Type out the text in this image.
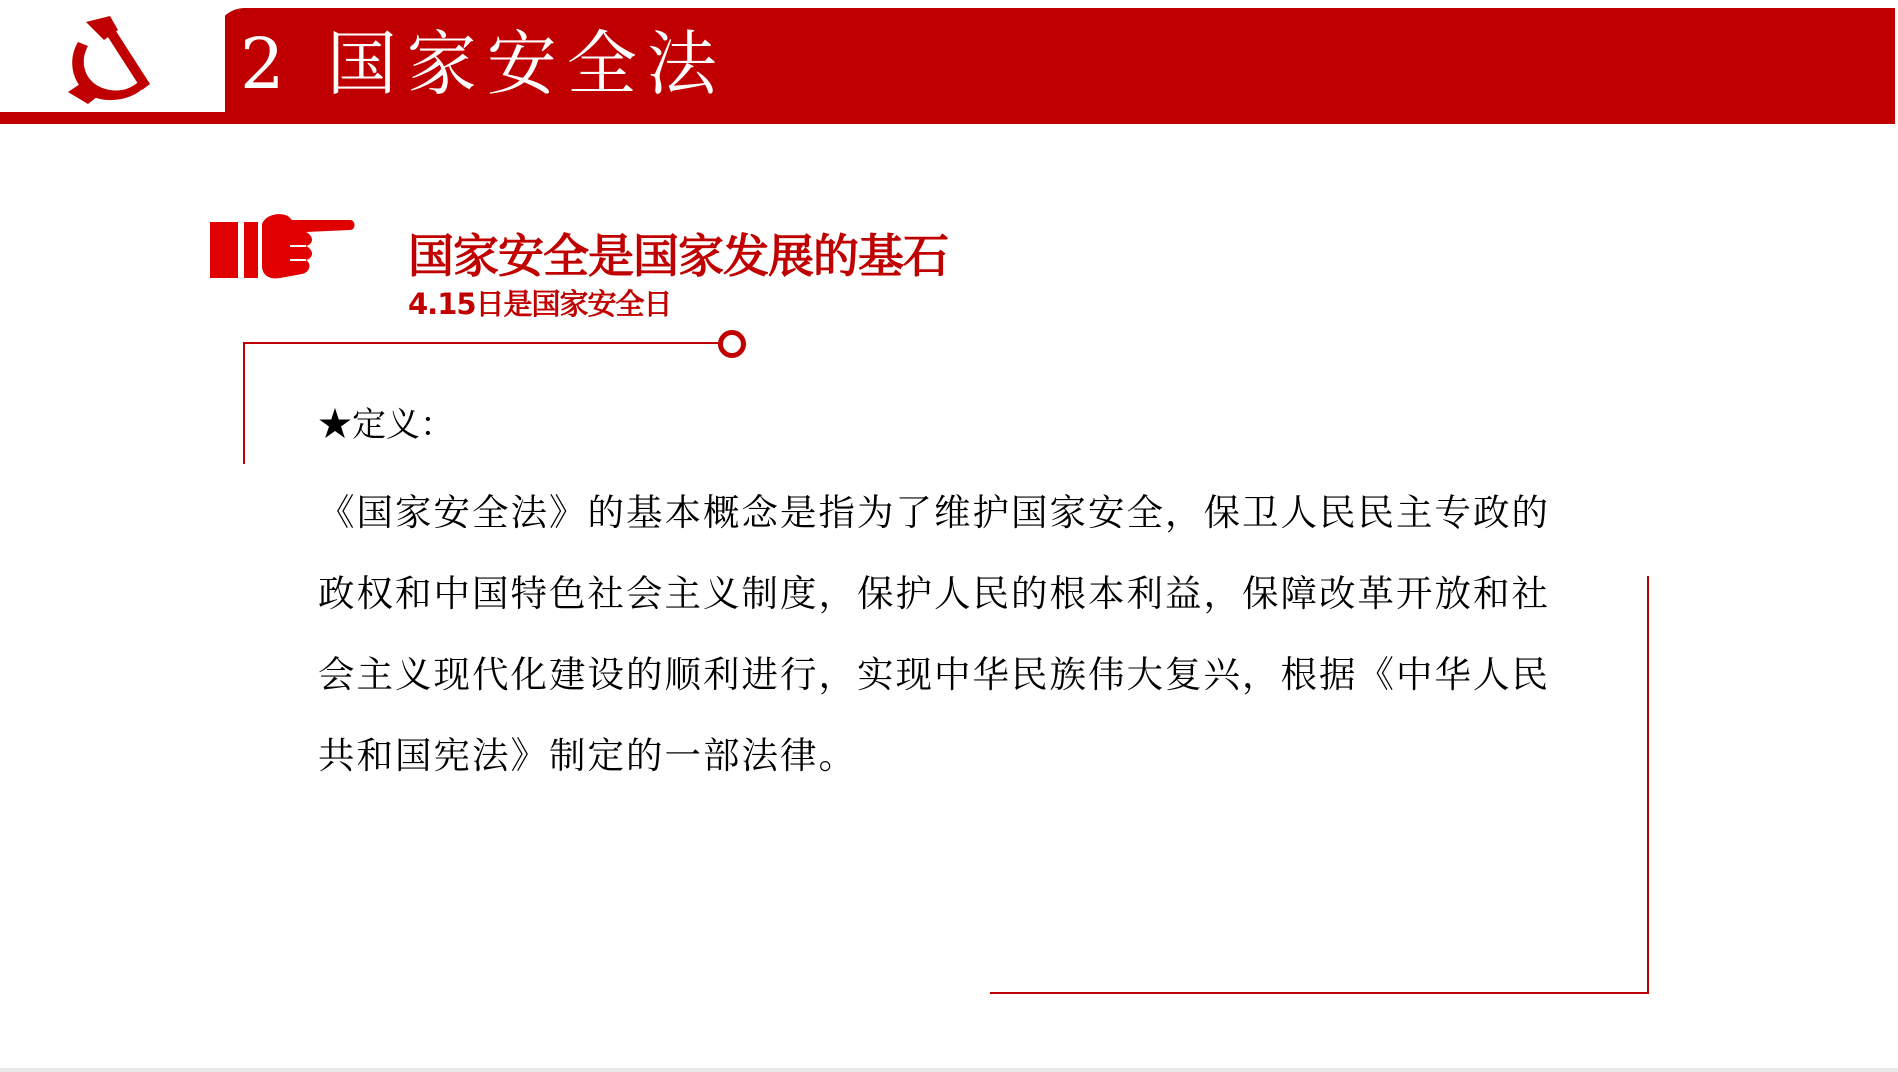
2 国家安全法
国家安全是国家发展的基石
4.15日是国家安全日
★定义：
《国家安全法》的基本概念是指为了维护国家安全，保卫人民民主专政的
政权和中国特色社会主义制度，保护人民的根本利益，保障改革开放和社
会主义现代化建设的顺利进行，实现中华民族伟大复兴，根据《中华人民
共和国宪法》制定的一部法律。
